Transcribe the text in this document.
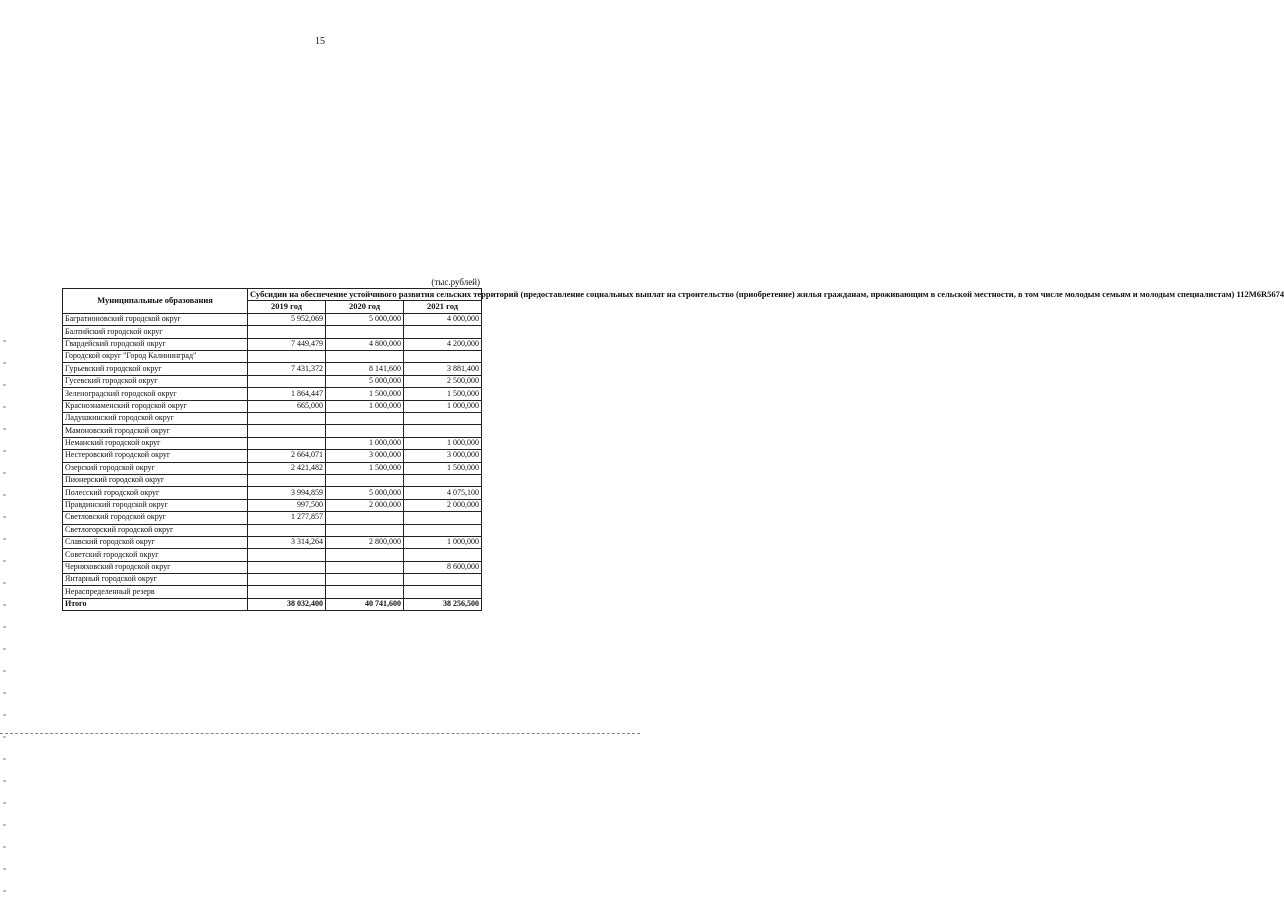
15
(тыс.рублей)
Муниципальные образования	Субсидии на обеспечение устойчивого развития сельских территорий (предоставление социальных выплат на строительство (приобретение) жилья гражданам, проживающим в сельской местности, в том числе молодым семьям и молодым специалистам) 112M6R5674		
	2019 год	2020 год	2021 год
Багратионовский городской округ	5 952,069	5 000,000	4 000,000
Балтийский городской округ			
Гвардейский городской округ	7 449,479	4 800,000	4 200,000
Городской округ "Город Калининград"			
Гурьевский городской округ	7 431,372	8 141,600	3 881,400
Гусевский городской округ		5 000,000	2 500,000
Зеленоградский городской округ	1 864,447	1 500,000	1 500,000
Краснознаменский городской округ	665,000	1 000,000	1 000,000
Ладушкинский городской округ			
Мамоновский городской округ			
Неманский городской округ		1 000,000	1 000,000
Нестеровский городской округ	2 664,071	3 000,000	3 000,000
Озерский городской округ	2 421,482	1 500,000	1 500,000
Пионерский городской округ			
Полесский городской округ	3 994,859	5 000,000	4 075,100
Правдинский городской округ	997,500	2 000,000	2 000,000
Светловский городской округ	1 277,857		
Светлогорский городской округ			
Славский городской округ	3 314,264	2 800,000	1 000,000
Советский городской округ			
Черняховский городской округ			8 600,000
Янтарный городской округ			
Нераспределенный резерв			
Итого	38 032,400	40 741,600	38 256,500
